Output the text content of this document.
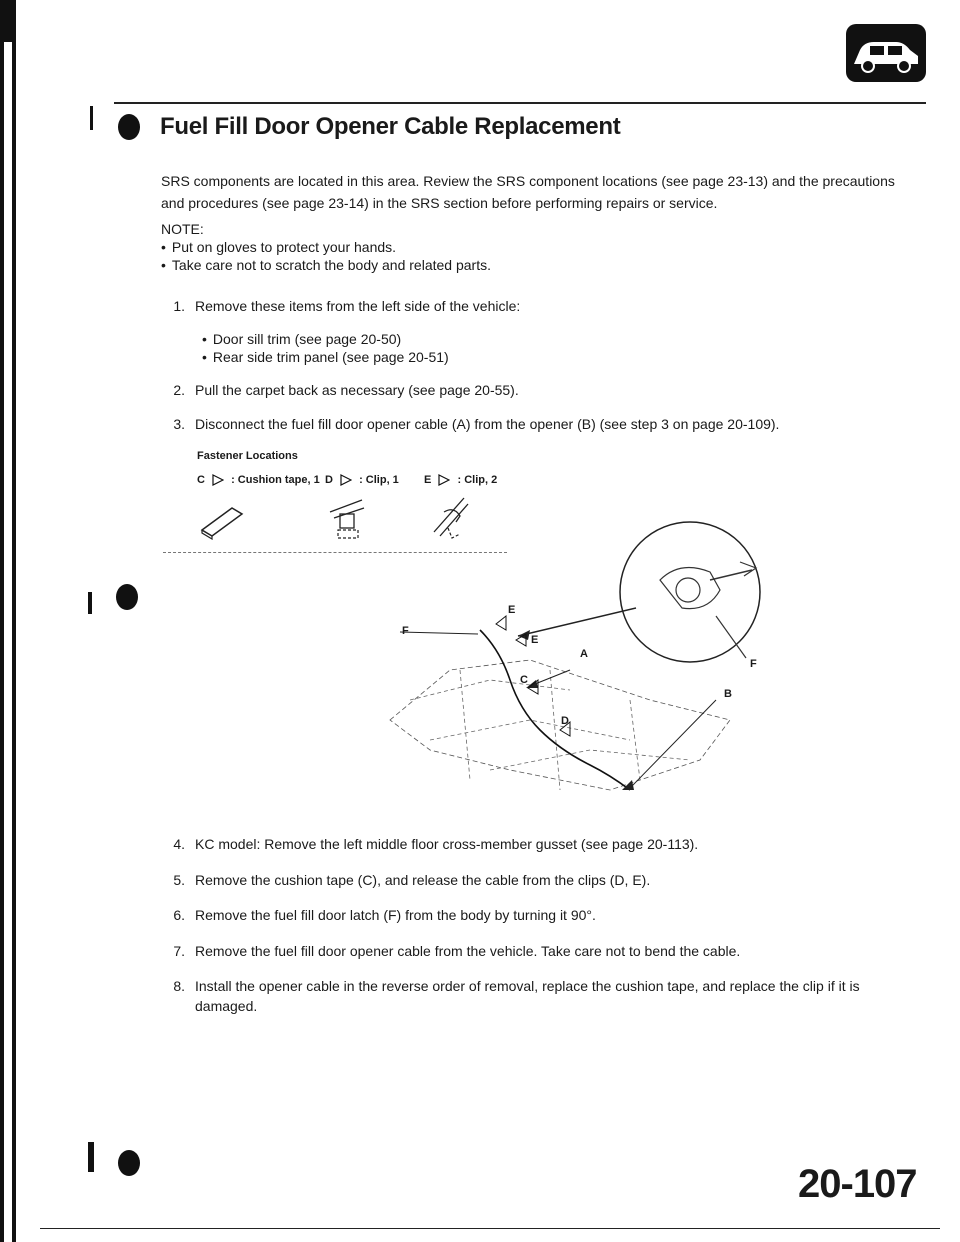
Fuel Fill Door Opener Cable Replacement

SRS components are located in this area. Review the SRS component locations (see page 23-13) and the precautions

and procedures (see page 23-14) in the SRS section before performing repairs or service.

NOTE:
• Put on gloves to protect your hands.
• Take care not to scratch the body and related parts.
1. Remove these items from the left side of the vehicle:
• Door sill trim (see page 20-50)
• Rear side trim panel (see page 20-51)
2. Pull the carpet back as necessary (see page 20-55).
3. Disconnect the fuel fill door opener cable (A) from the opener (B) (see step 3 on page 20-109).
Fastener Locations
C : Cushion tape, 1 D : Clip, 1 E : Clip, 2
E
F
E
A
C
B
D
F
4. KC model: Remove the left middle floor cross-member gusset (see page 20-113).
5. Remove the cushion tape (C), and release the cable from the clips (D, E).
6. Remove the fuel fill door latch (F) from the body by turning it 90°.
7. Remove the fuel fill door opener cable from the vehicle. Take care not to bend the cable.
8. Install the opener cable in the reverse order of removal, replace the cushion tape, and replace the clip if it is
damaged.
20-107
